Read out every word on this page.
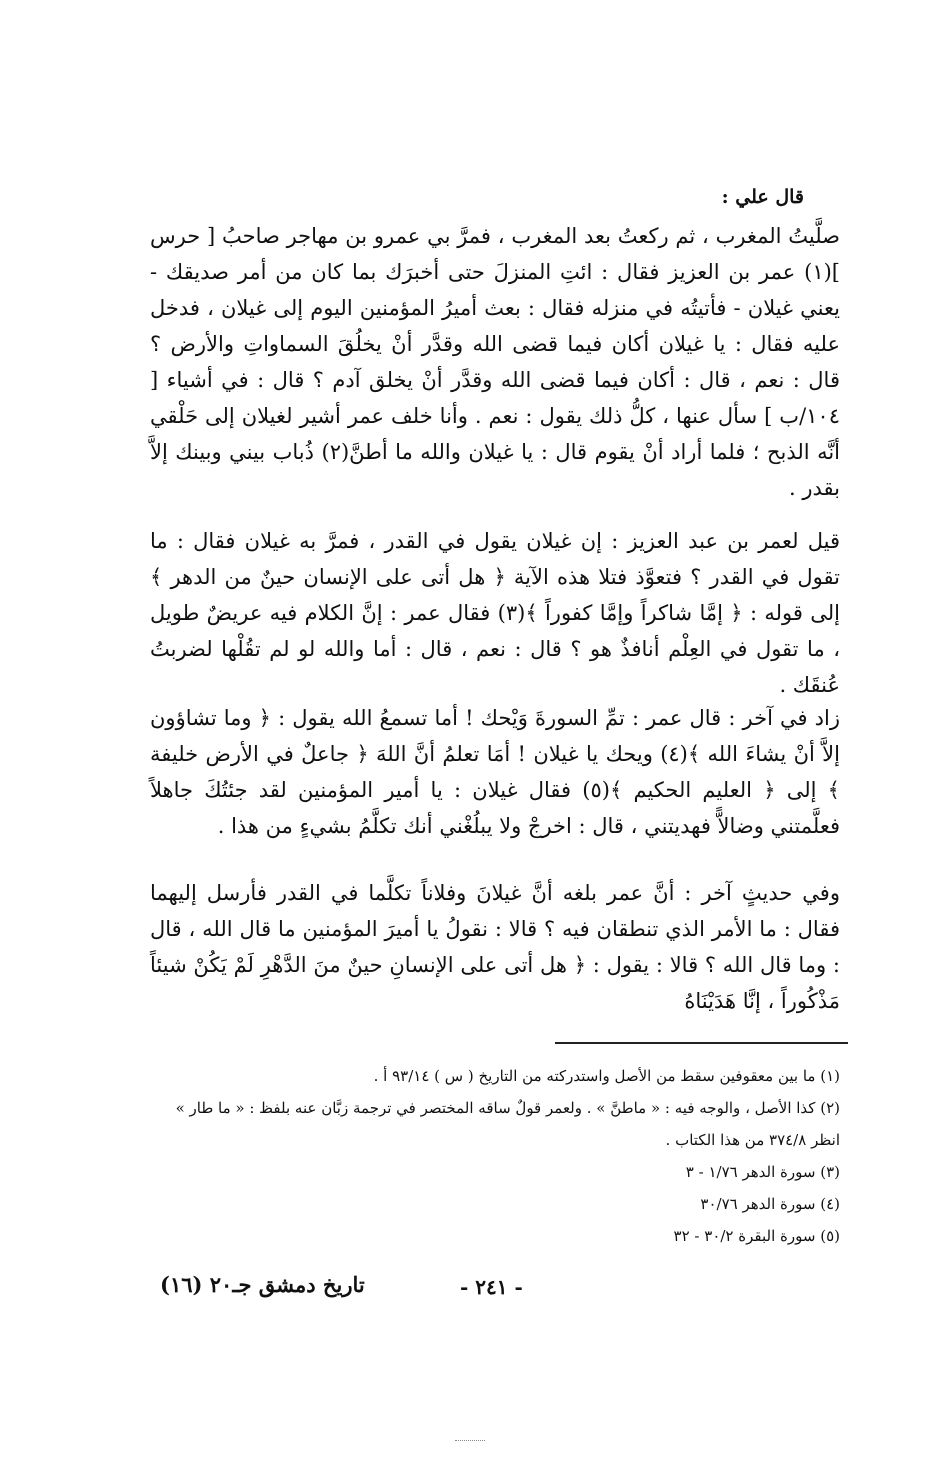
قال علي :

صلَّيتُ المغرب ، ثم ركعتُ بعد المغرب ، فمرَّ بي عمرو بن مهاجر صاحبُ [ حرس ](١) عمر بن العزيز فقال : ائتِ المنزلَ حتى أخبرَك بما كان من أمر صديقك - يعني غيلان - فأتيتُه في منزله فقال : بعث أميرُ المؤمنين اليوم إلى غيلان ، فدخل عليه فقال : يا غيلان أكان فيما قضى الله وقدَّر أنْ يخلُقَ السماواتِ والأرض ؟ قال : نعم ، قال : أكان فيما قضى الله وقدَّر أنْ يخلق آدم ؟ قال : في أشياء [ ١٠٤/ب ] سأل عنها ، كلُّ ذلك يقول : نعم . وأنا خلف عمر أشير لغيلان إلى حَلْقي أنَّه الذبح ؛ فلما أراد أنْ يقوم قال : يا غيلان والله ما أطنَّ(٢) ذُباب بيني وبينك إلاَّ بقدر .

قيل لعمر بن عبد العزيز : إن غيلان يقول في القدر ، فمرَّ به غيلان فقال : ما تقول في القدر ؟ فتعوَّذ فتلا هذه الآية ﴿ هل أتى على الإنسان حينٌ من الدهر ﴾ إلى قوله : ﴿ إمَّا شاكراً وإمَّا كفوراً ﴾(٣) فقال عمر : إنَّ الكلام فيه عريضٌ طويل ، ما تقول في العِلْم أنافذٌ هو ؟ قال : نعم ، قال : أما والله لو لم تقُلْها لضربتُ عُنقَك .

زاد في آخر : قال عمر : تمِّ السورةَ وَيْحك ! أما تسمعُ الله يقول : ﴿ وما تشاؤون إلاَّ أنْ يشاءَ الله ﴾(٤) ويحك يا غيلان ! أمَا تعلمُ أنَّ اللهَ ﴿ جاعلٌ في الأرض خليفة ﴾ إلى ﴿ العليم الحكيم ﴾(٥) فقال غيلان : يا أمير المؤمنين لقد جئتُكَ جاهلاً فعلَّمتني وضالاًّ فهديتني ، قال : اخرجْ ولا يبلُغْني أنك تكلَّمُ بشيءٍ من هذا .

وفي حديثٍ آخر : أنَّ عمر بلغه أنَّ غيلانَ وفلاناً تكلَّما في القدر فأرسل إليهما فقال : ما الأمر الذي تنطقان فيه ؟ قالا : نقولُ يا أميرَ المؤمنين ما قال الله ، قال : وما قال الله ؟ قالا : يقول : ﴿ هل أتى على الإنسانِ حينٌ منَ الدَّهْرِ لَمْ يَكُنْ شيئاً مَذْكُوراً ، إنَّا هَدَيْنَاهُ

(١) ما بين معقوفين سقط من الأصل واستدركته من التاريخ ( س ) ٩٣/١٤ أ .

(٢) كذا الأصل ، والوجه فيه : « ماطنَّ » . ولعمر قولٌ ساقه المختصر في ترجمة زبَّان عنه بلفظ : « ما طار »

انظر ٣٧٤/٨ من هذا الكتاب .

(٣) سورة الدهر ١/٧٦ - ٣

(٤) سورة الدهر ٣٠/٧٦

(٥) سورة البقرة ٣٠/٢ - ٣٢

تاريخ دمشق جـ٢٠ (١٦)	- ٢٤١ -
